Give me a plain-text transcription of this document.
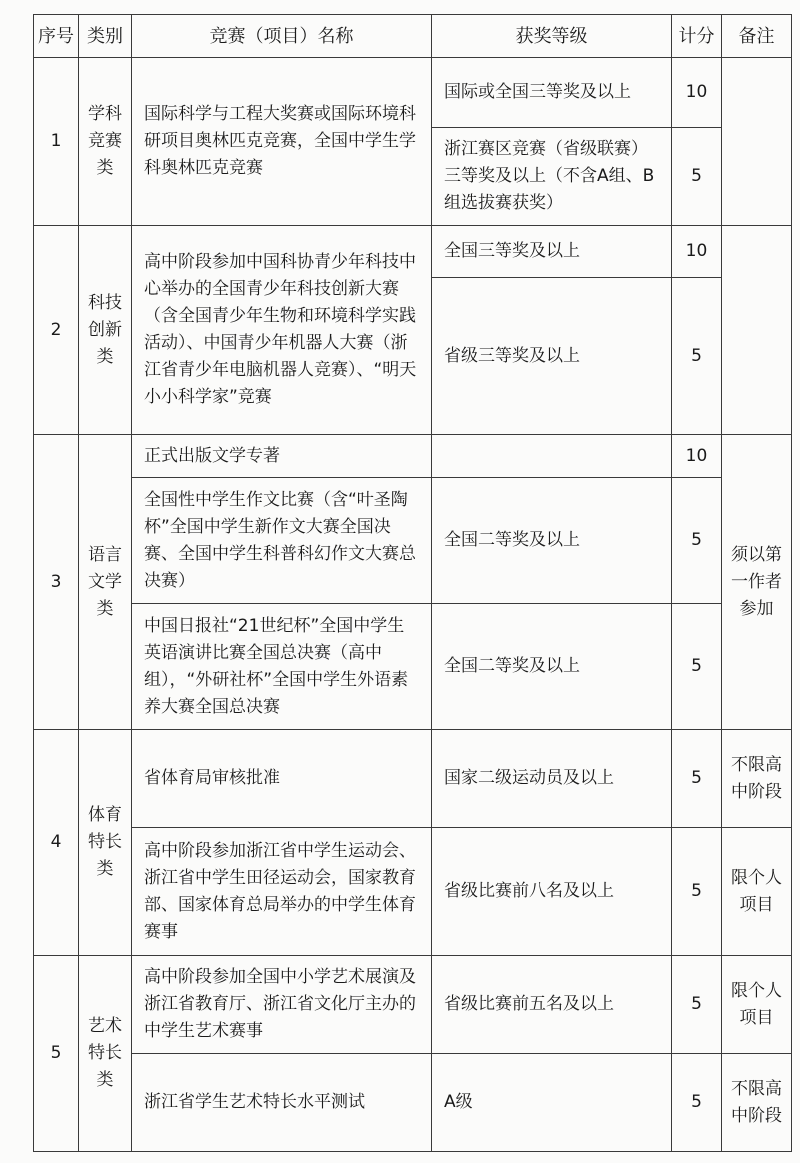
序号	类别	竞赛（项目）名称	获奖等级	计分	备注
1	学科竞赛类	国际科学与工程大奖赛或国际环境科研项目奥林匹克竞赛，全国中学生学科奥林匹克竞赛	国际或全国三等奖及以上	10	
			浙江赛区竞赛（省级联赛）三等奖及以上（不含A组、B组选拔赛获奖）	5	
2	科技创新类	高中阶段参加中国科协青少年科技中心举办的全国青少年科技创新大赛（含全国青少年生物和环境科学实践活动）、中国青少年机器人大赛（浙江省青少年电脑机器人竞赛）、“明天小小科学家”竞赛	全国三等奖及以上	10	
			省级三等奖及以上	5	
3	语言文学类	正式出版文学专著		10	须以第一作者参加
		全国性中学生作文比赛（含“叶圣陶杯”全国中学生新作文大赛全国决赛、全国中学生科普科幻作文大赛总决赛）	全国二等奖及以上	5	
		中国日报社“21世纪杯”全国中学生英语演讲比赛全国总决赛（高中组），“外研社杯”全国中学生外语素养大赛全国总决赛	全国二等奖及以上	5	
4	体育特长类	省体育局审核批准	国家二级运动员及以上	5	不限高中阶段
		高中阶段参加浙江省中学生运动会、浙江省中学生田径运动会，国家教育部、国家体育总局举办的中学生体育赛事	省级比赛前八名及以上	5	限个人项目
5	艺术特长类	高中阶段参加全国中小学艺术展演及浙江省教育厅、浙江省文化厅主办的中学生艺术赛事	省级比赛前五名及以上	5	限个人项目
		浙江省学生艺术特长水平测试	A级	5	不限高中阶段
